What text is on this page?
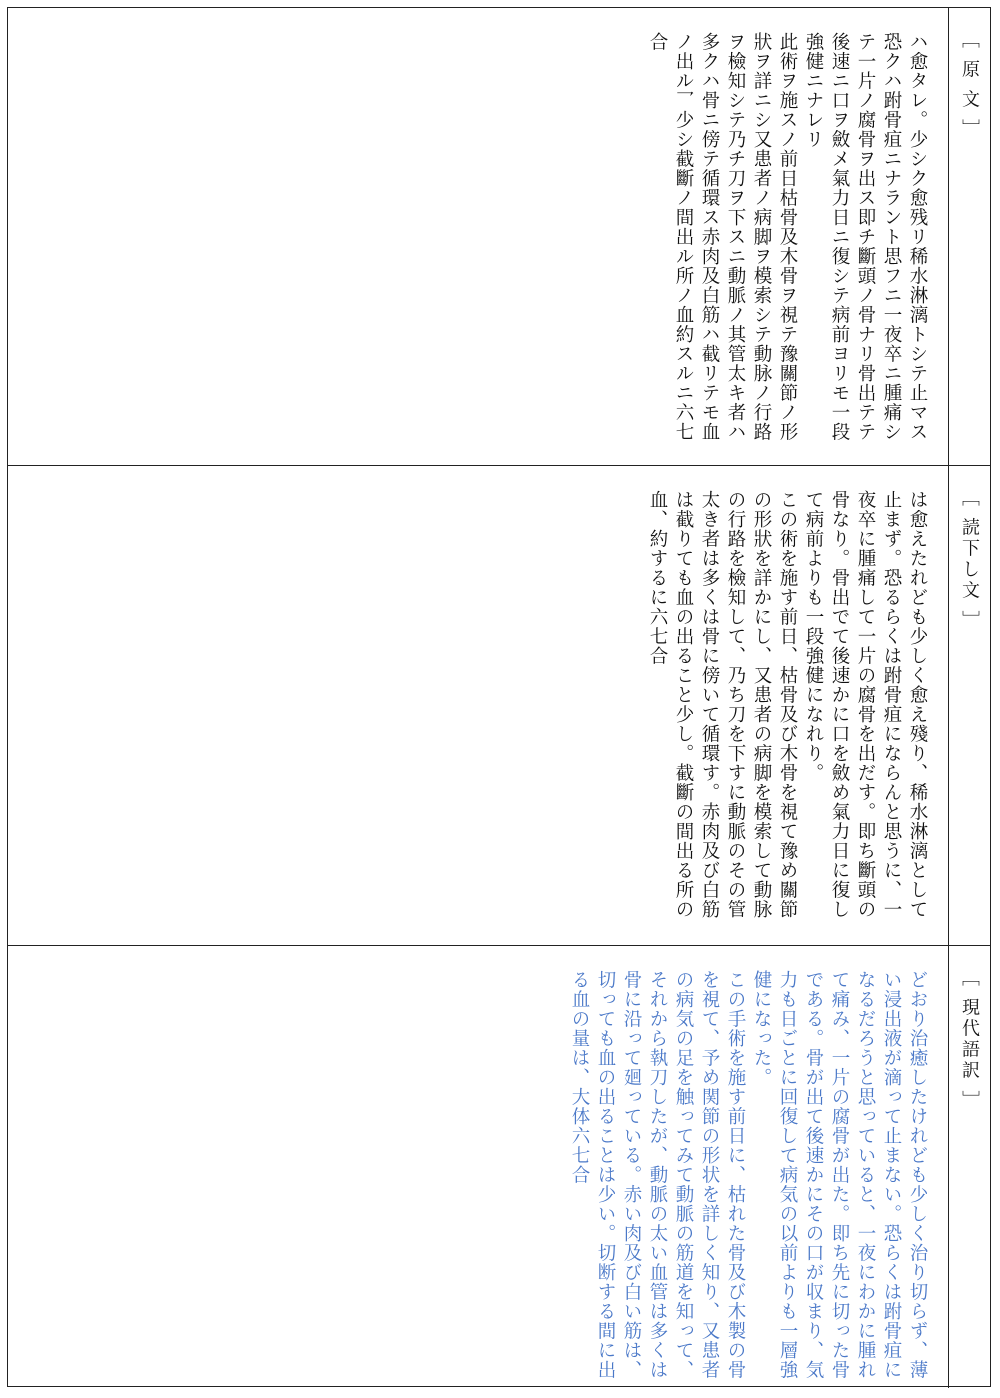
ハ愈タレ。少シク愈残リ稀水淋漓トシテ止マス恐クハ跗骨疽ニナラント思フニ一夜卒ニ腫痛シテ一片ノ腐骨ヲ出ス即チ斷頭ノ骨ナリ骨出テテ後速ニ口ヲ斂メ氣力日ニ復シテ病前ヨリモ一段強健ニナレリ
此術ヲ施スノ前日枯骨及木骨ヲ視テ豫關節ノ形狀ヲ詳ニシ又患者ノ病脚ヲ模索シテ動脉ノ行路ヲ檢知シテ乃チ刀ヲ下スニ動脈ノ其管太キ者ハ多クハ骨ニ傍テ循環ス赤肉及白筋ハ截リテモ血ノ出ル乛少シ截斷ノ間出ル所ノ血約スルニ六七合	［ 原 文 ］
は愈えたれども少しく愈え殘り、稀水淋漓として止まず。恐るらくは跗骨疽にならんと思うに、一夜卒に腫痛して一片の腐骨を出だす。即ち斷頭の骨なり。骨出でて後速かに口を斂め氣力日に復して病前よりも一段強健になれり。
この術を施す前日、枯骨及び木骨を視て豫め關節の形狀を詳かにし、又患者の病脚を模索して動脉の行路を檢知して、乃ち刀を下すに動脈のその管太き者は多くは骨に傍いて循環す。赤肉及び白筋は截りても血の出ること少し。截斷の間出る所の血、約するに六七合	［ 読下し文 ］
どおり治癒したけれども少しく治り切らず、薄い浸出液が滴って止まない。恐らくは跗骨疽になるだろうと思っていると、一夜にわかに腫れて痛み、一片の腐骨が出た。即ち先に切った骨である。骨が出て後速かにその口が収まり、気力も日ごとに回復して病気の以前よりも一層強健になった。
この手術を施す前日に、枯れた骨及び木製の骨を視て、予め関節の形状を詳しく知り、又患者の病気の足を触ってみて動脈の筋道を知って、それから執刀したが、動脈の太い血管は多くは骨に沿って廻っている。赤い肉及び白い筋は、切っても血の出ることは少い。切断する間に出る血の量は、大体六七合	［ 現代語訳 ］
